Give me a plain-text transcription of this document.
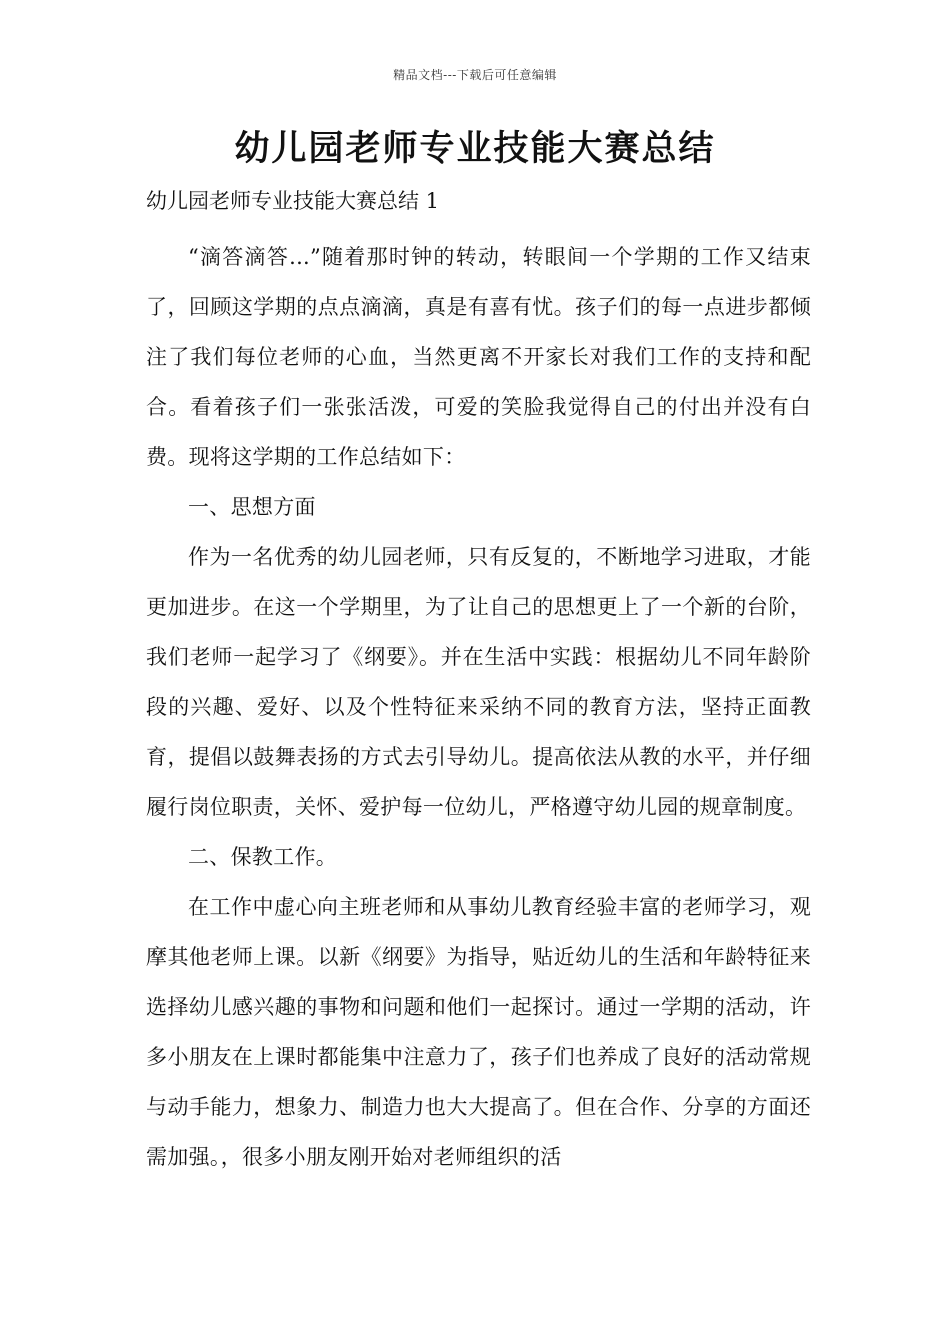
精品文档---下载后可任意编辑
幼儿园老师专业技能大赛总结
幼儿园老师专业技能大赛总结 1

“滴答滴答...”随着那时钟的转动，转眼间一个学期的工作又结束了，回顾这学期的点点滴滴，真是有喜有忧。孩子们的每一点进步都倾注了我们每位老师的心血，当然更离不开家长对我们工作的支持和配合。看着孩子们一张张活泼，可爱的笑脸我觉得自己的付出并没有白费。现将这学期的工作总结如下：

一、思想方面

作为一名优秀的幼儿园老师，只有反复的，不断地学习进取，才能更加进步。在这一个学期里，为了让自己的思想更上了一个新的台阶，我们老师一起学习了《纲要》。并在生活中实践：根据幼儿不同年龄阶段的兴趣、爱好、以及个性特征来采纳不同的教育方法，坚持正面教育，提倡以鼓舞表扬的方式去引导幼儿。提高依法从教的水平，并仔细履行岗位职责，关怀、爱护每一位幼儿，严格遵守幼儿园的规章制度。

二、保教工作。

在工作中虚心向主班老师和从事幼儿教育经验丰富的老师学习，观摩其他老师上课。以新《纲要》为指导，贴近幼儿的生活和年龄特征来选择幼儿感兴趣的事物和问题和他们一起探讨。通过一学期的活动，许多小朋友在上课时都能集中注意力了，孩子们也养成了良好的活动常规与动手能力，想象力、制造力也大大提高了。但在合作、分享的方面还需加强。，很多小朋友刚开始对老师组织的活
